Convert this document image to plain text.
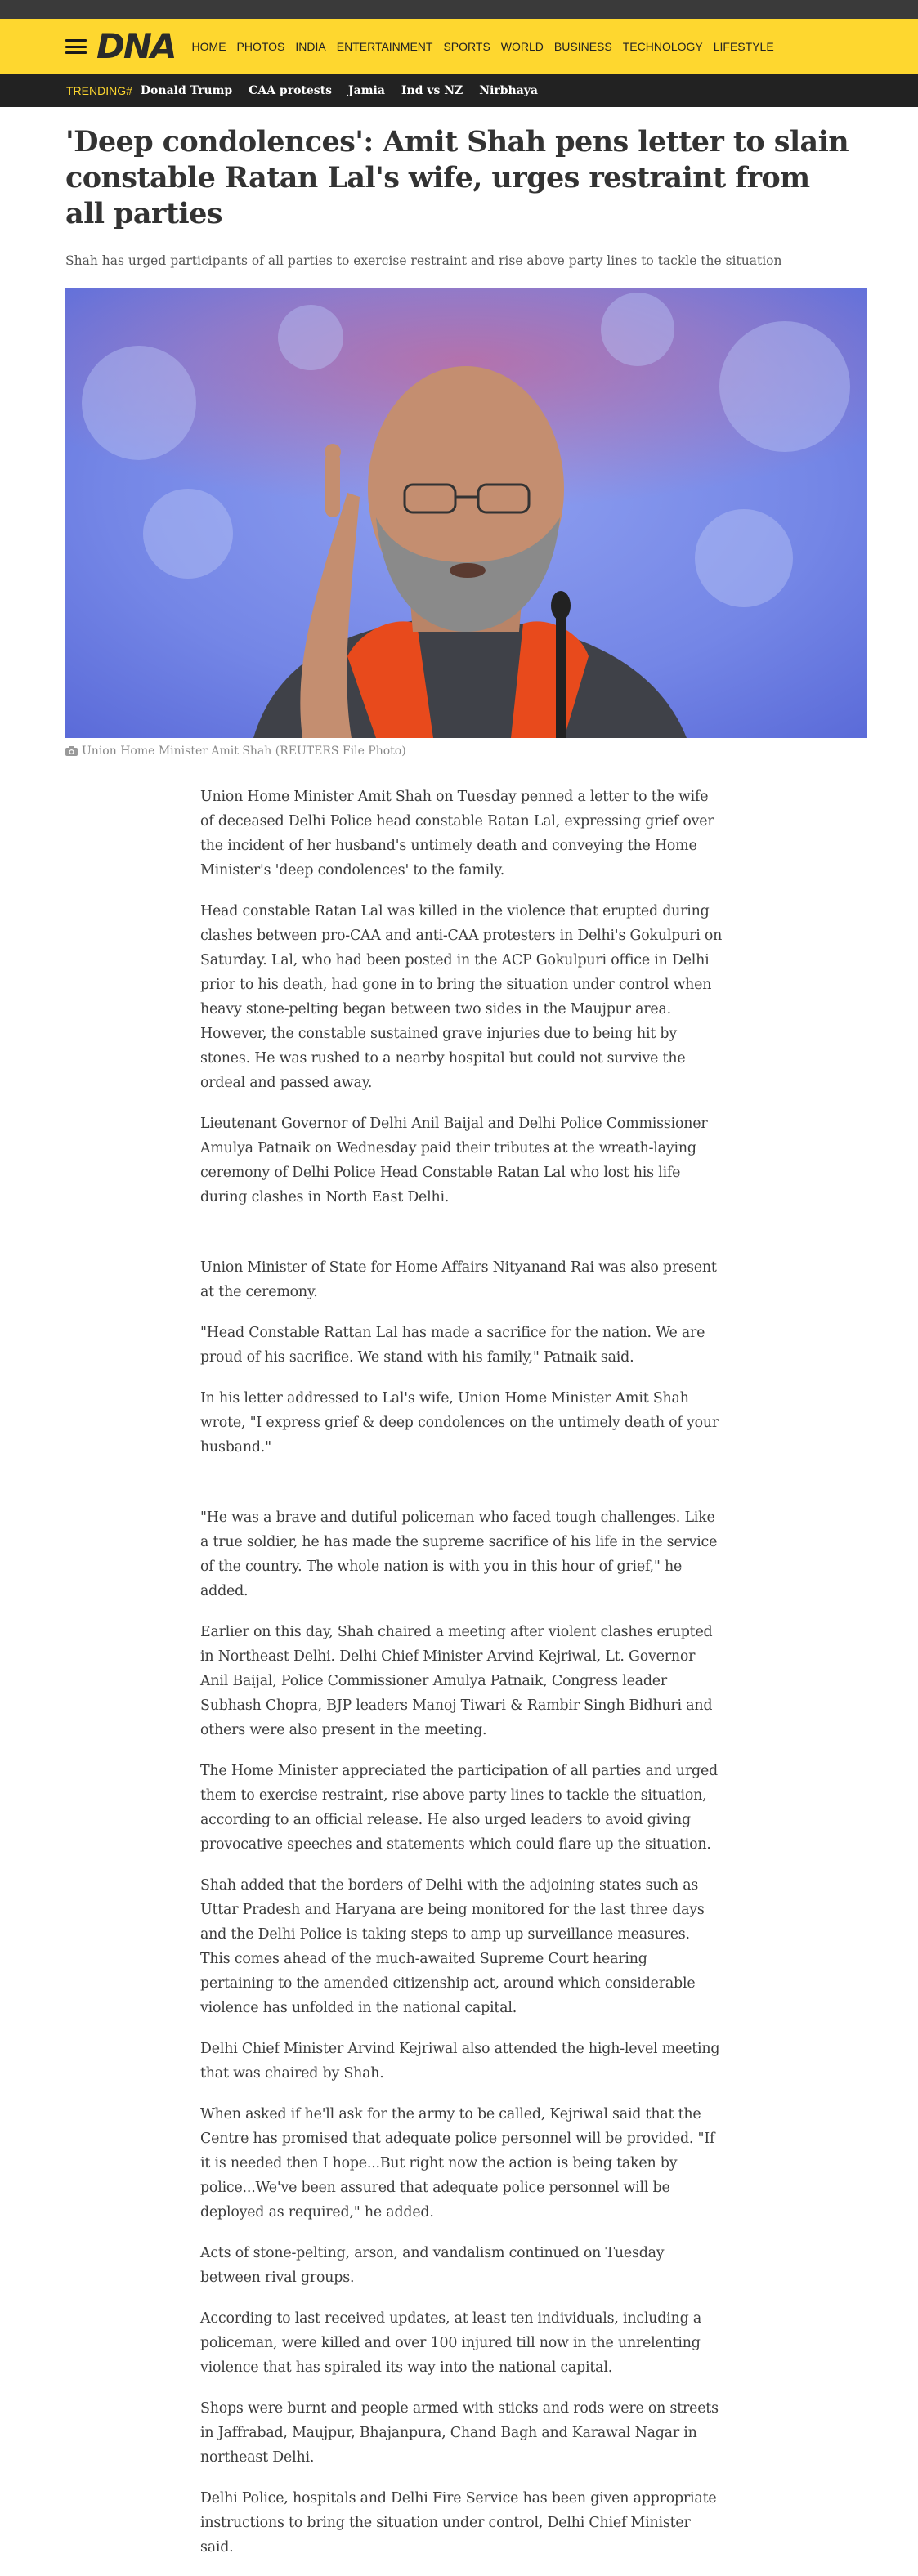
DNA HOME PHOTOS INDIA ENTERTAINMENT SPORTS WORLD BUSINESS TECHNOLOGY LIFESTYLE
TRENDING# Donald Trump CAA protests Jamia Ind vs NZ Nirbhaya
'Deep condolences': Amit Shah pens letter to slain constable Ratan Lal's wife, urges restraint from all parties

Shah has urged participants of all parties to exercise restraint and rise above party lines to tackle the situation

Union Home Minister Amit Shah (REUTERS File Photo)

Union Home Minister Amit Shah on Tuesday penned a letter to the wife of deceased Delhi Police head constable Ratan Lal, expressing grief over the incident of her husband's untimely death and conveying the Home Minister's 'deep condolences' to the family.

Head constable Ratan Lal was killed in the violence that erupted during clashes between pro-CAA and anti-CAA protesters in Delhi's Gokulpuri on Saturday. Lal, who had been posted in the ACP Gokulpuri office in Delhi prior to his death, had gone in to bring the situation under control when heavy stone-pelting began between two sides in the Maujpur area. However, the constable sustained grave injuries due to being hit by stones. He was rushed to a nearby hospital but could not survive the ordeal and passed away.

Lieutenant Governor of Delhi Anil Baijal and Delhi Police Commissioner Amulya Patnaik on Wednesday paid their tributes at the wreath-laying ceremony of Delhi Police Head Constable Ratan Lal who lost his life during clashes in North East Delhi.

Union Minister of State for Home Affairs Nityanand Rai was also present at the ceremony.

"Head Constable Rattan Lal has made a sacrifice for the nation. We are proud of his sacrifice. We stand with his family," Patnaik said.

In his letter addressed to Lal's wife, Union Home Minister Amit Shah wrote, "I express grief & deep condolences on the untimely death of your husband."

"He was a brave and dutiful policeman who faced tough challenges. Like a true soldier, he has made the supreme sacrifice of his life in the service of the country. The whole nation is with you in this hour of grief," he added.

Earlier on this day, Shah chaired a meeting after violent clashes erupted in Northeast Delhi. Delhi Chief Minister Arvind Kejriwal, Lt. Governor Anil Baijal, Police Commissioner Amulya Patnaik, Congress leader Subhash Chopra, BJP leaders Manoj Tiwari & Rambir Singh Bidhuri and others were also present in the meeting.

The Home Minister appreciated the participation of all parties and urged them to exercise restraint, rise above party lines to tackle the situation, according to an official release. He also urged leaders to avoid giving provocative speeches and statements which could flare up the situation.

Shah added that the borders of Delhi with the adjoining states such as Uttar Pradesh and Haryana are being monitored for the last three days and the Delhi Police is taking steps to amp up surveillance measures. This comes ahead of the much-awaited Supreme Court hearing pertaining to the amended citizenship act, around which considerable violence has unfolded in the national capital.

Delhi Chief Minister Arvind Kejriwal also attended the high-level meeting that was chaired by Shah.

When asked if he'll ask for the army to be called, Kejriwal said that the Centre has promised that adequate police personnel will be provided. "If it is needed then I hope...But right now the action is being taken by police...We've been assured that adequate police personnel will be deployed as required," he added.

Acts of stone-pelting, arson, and vandalism continued on Tuesday between rival groups.

According to last received updates, at least ten individuals, including a policeman, were killed and over 100 injured till now in the unrelenting violence that has spiraled its way into the national capital.

Shops were burnt and people armed with sticks and rods were on streets in Jaffrabad, Maujpur, Bhajanpura, Chand Bagh and Karawal Nagar in northeast Delhi.

Delhi Police, hospitals and Delhi Fire Service has been given appropriate instructions to bring the situation under control, Delhi Chief Minister said.
